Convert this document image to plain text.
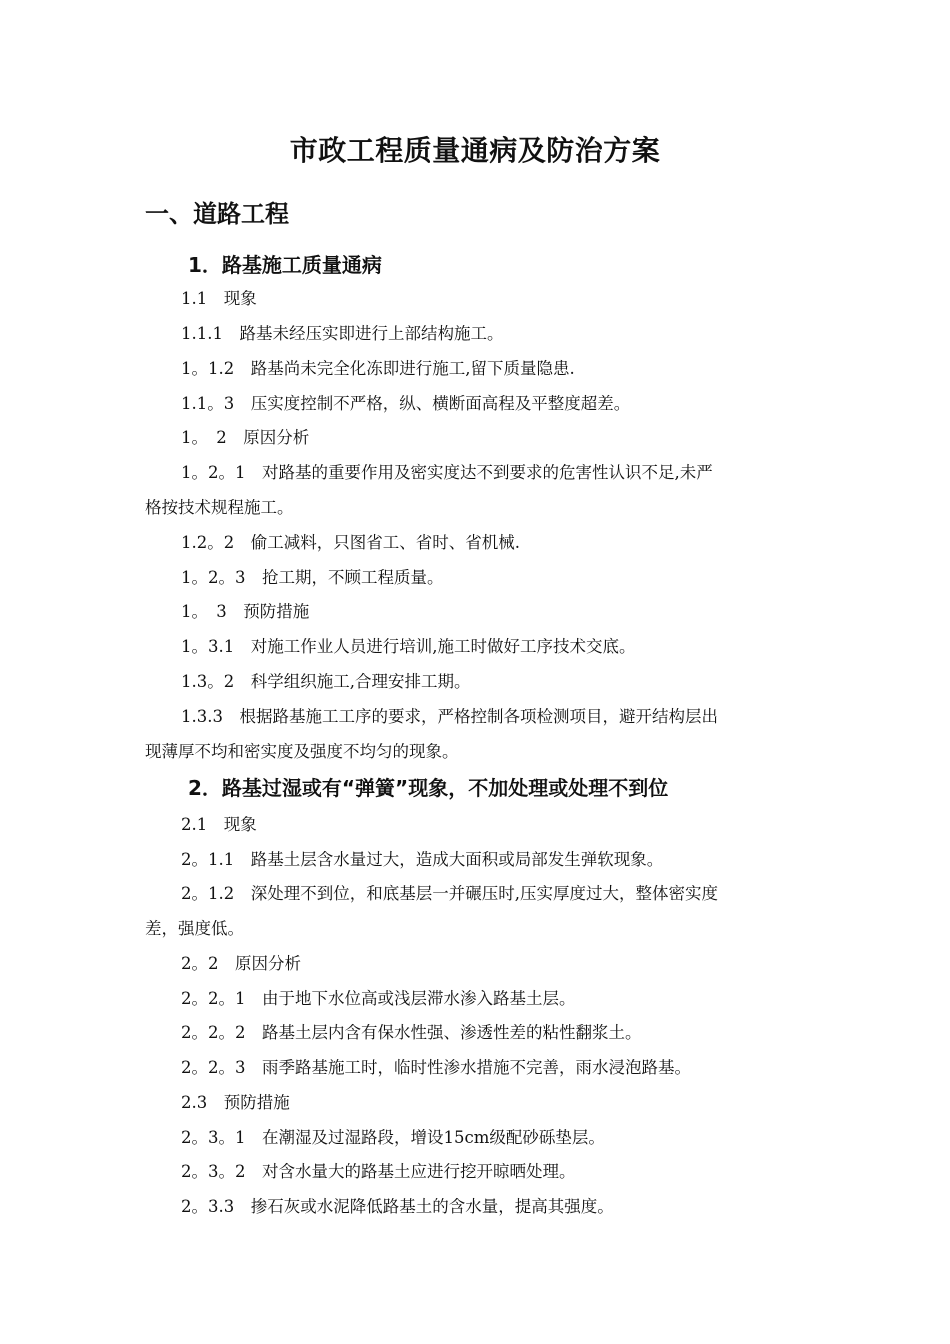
市政工程质量通病及防治方案
一、道路工程
1．路基施工质量通病
1.1　现象
1.1.1　路基未经压实即进行上部结构施工。
1。1.2　路基尚未完全化冻即进行施工,留下质量隐患.
1.1。3　压实度控制不严格，纵、横断面高程及平整度超差。
1。　2　原因分析
1。2。1　对路基的重要作用及密实度达不到要求的危害性认识不足,未严
格按技术规程施工。
1.2。2　偷工减料，只图省工、省时、省机械.
1。2。3　抢工期，不顾工程质量。
1。　3　预防措施
1。3.1　对施工作业人员进行培训,施工时做好工序技术交底。
1.3。2　科学组织施工,合理安排工期。
1.3.3　根据路基施工工序的要求，严格控制各项检测项目，避开结构层出
现薄厚不均和密实度及强度不均匀的现象。
2．路基过湿或有“弹簧”现象，不加处理或处理不到位
2.1　现象
2。1.1　路基土层含水量过大，造成大面积或局部发生弹软现象。
2。1.2　深处理不到位，和底基层一并碾压时,压实厚度过大，整体密实度
差，强度低。
2。2　原因分析
2。2。1　由于地下水位高或浅层滞水渗入路基土层。
2。2。2　路基土层内含有保水性强、渗透性差的粘性翻浆土。
2。2。3　雨季路基施工时，临时性渗水措施不完善，雨水浸泡路基。
2.3　预防措施
2。3。1　在潮湿及过湿路段，增设15cm级配砂砾垫层。
2。3。2　对含水量大的路基土应进行挖开晾晒处理。
2。3.3　掺石灰或水泥降低路基土的含水量，提高其强度。
